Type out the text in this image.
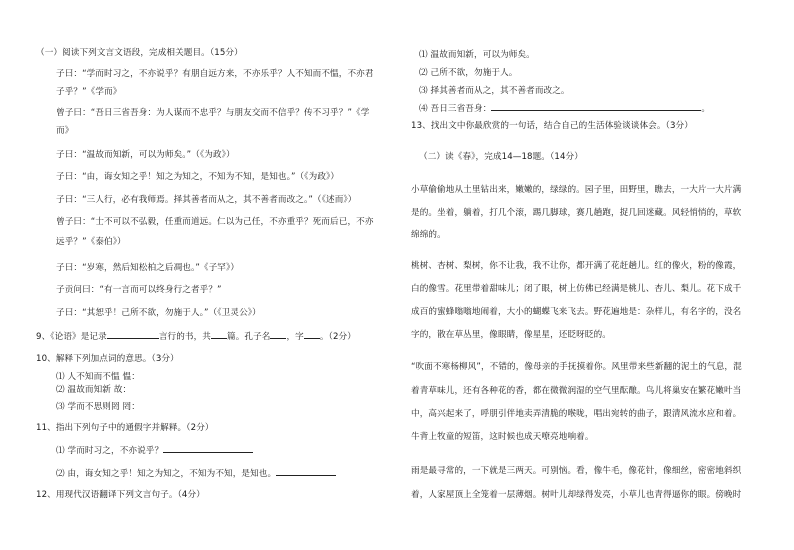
（一）阅读下列文言文语段，完成相关题目。（15分）
子曰：“学而时习之，不亦说乎？有朋自远方来，不亦乐乎？人不知而不愠，不亦君
子乎？”《学而》
曾子曰：“吾日三省吾身：为人谋而不忠乎？与朋友交而不信乎？传不习乎？”《学
而》
子曰：“温故而知新，可以为师矣。”（《为政》）
子曰：“由，诲女知之乎！知之为知之，不知为不知，是知也。”（《为政》）
子曰：“三人行，必有我师焉。择其善者而从之，其不善者而改之。”（《述而》）
曾子曰：“士不可以不弘毅，任重而道远。仁以为己任，不亦重乎？死而后已，不亦
远乎？”《泰伯》）
子曰：“岁寒，然后知松柏之后凋也。”《子罕》）
子贡问曰：“有一言而可以终身行之者乎？”
子曰：“其恕乎！己所不欲，勿施于人。”（《卫灵公》）
9、《论语》是记录	言行的书，共 篇。孔子名 ，字 。（2分）
10、解释下列加点词的意思。（3分）
⑴ 人不知而不愠 愠：
⑵ 温故而知新 故：
⑶ 学而不思则罔 罔：
11、指出下列句子中的通假字并解释。（2分）
⑴ 学而时习之，不亦说乎？
⑵ 由，诲女知之乎！知之为知之，不知为不知，是知也。
12、用现代汉语翻译下列文言句子。（4分）
⑴ 温故而知新，可以为师矣。
⑵ 己所不欲，勿施于人。
⑶ 择其善者而从之，其不善者而改之。
⑷ 吾日三省吾身：	。
13、找出文中你最欣赏的一句话，结合自己的生活体验谈谈体会。（3分）
（二）读《春》，完成14—18题。（14分）
小草偷偷地从土里钻出来，嫩嫩的，绿绿的。园子里，田野里，瞧去，一大片一大片满
是的。坐着，躺着，打几个滚，踢几脚球，赛几趟跑，捉几回迷藏。风轻悄悄的，草软
绵绵的。
桃树、杏树、梨树，你不让我，我不让你，都开满了花赶趟儿。红的像火，粉的像霞，
白的像雪。花里带着甜味儿；闭了眼，树上仿佛已经满是桃儿、杏儿、梨儿。花下成千
成百的蜜蜂嗡嗡地闹着，大小的蝴蝶飞来飞去。野花遍地是：杂样儿，有名字的，没名
字的，散在草丛里，像眼睛，像星星，还眨呀眨的。
“吹面不寒杨柳风”，不错的，像母亲的手抚摸着你。风里带来些新翻的泥土的气息，混
着青草味儿，还有各种花的香，都在微微润湿的空气里酝酿。鸟儿将巢安在繁花嫩叶当
中，高兴起来了，呼朋引伴地卖弄清脆的喉咙，唱出宛转的曲子，跟清风流水应和着。
牛背上牧童的短笛，这时候也成天嘹亮地响着。
雨是最寻常的，一下就是三两天。可别恼。看，像牛毛，像花针，像细丝，密密地斜织
着，人家屋顶上全笼着一层薄烟。树叶儿却绿得发亮，小草儿也青得逼你的眼。傍晚时
